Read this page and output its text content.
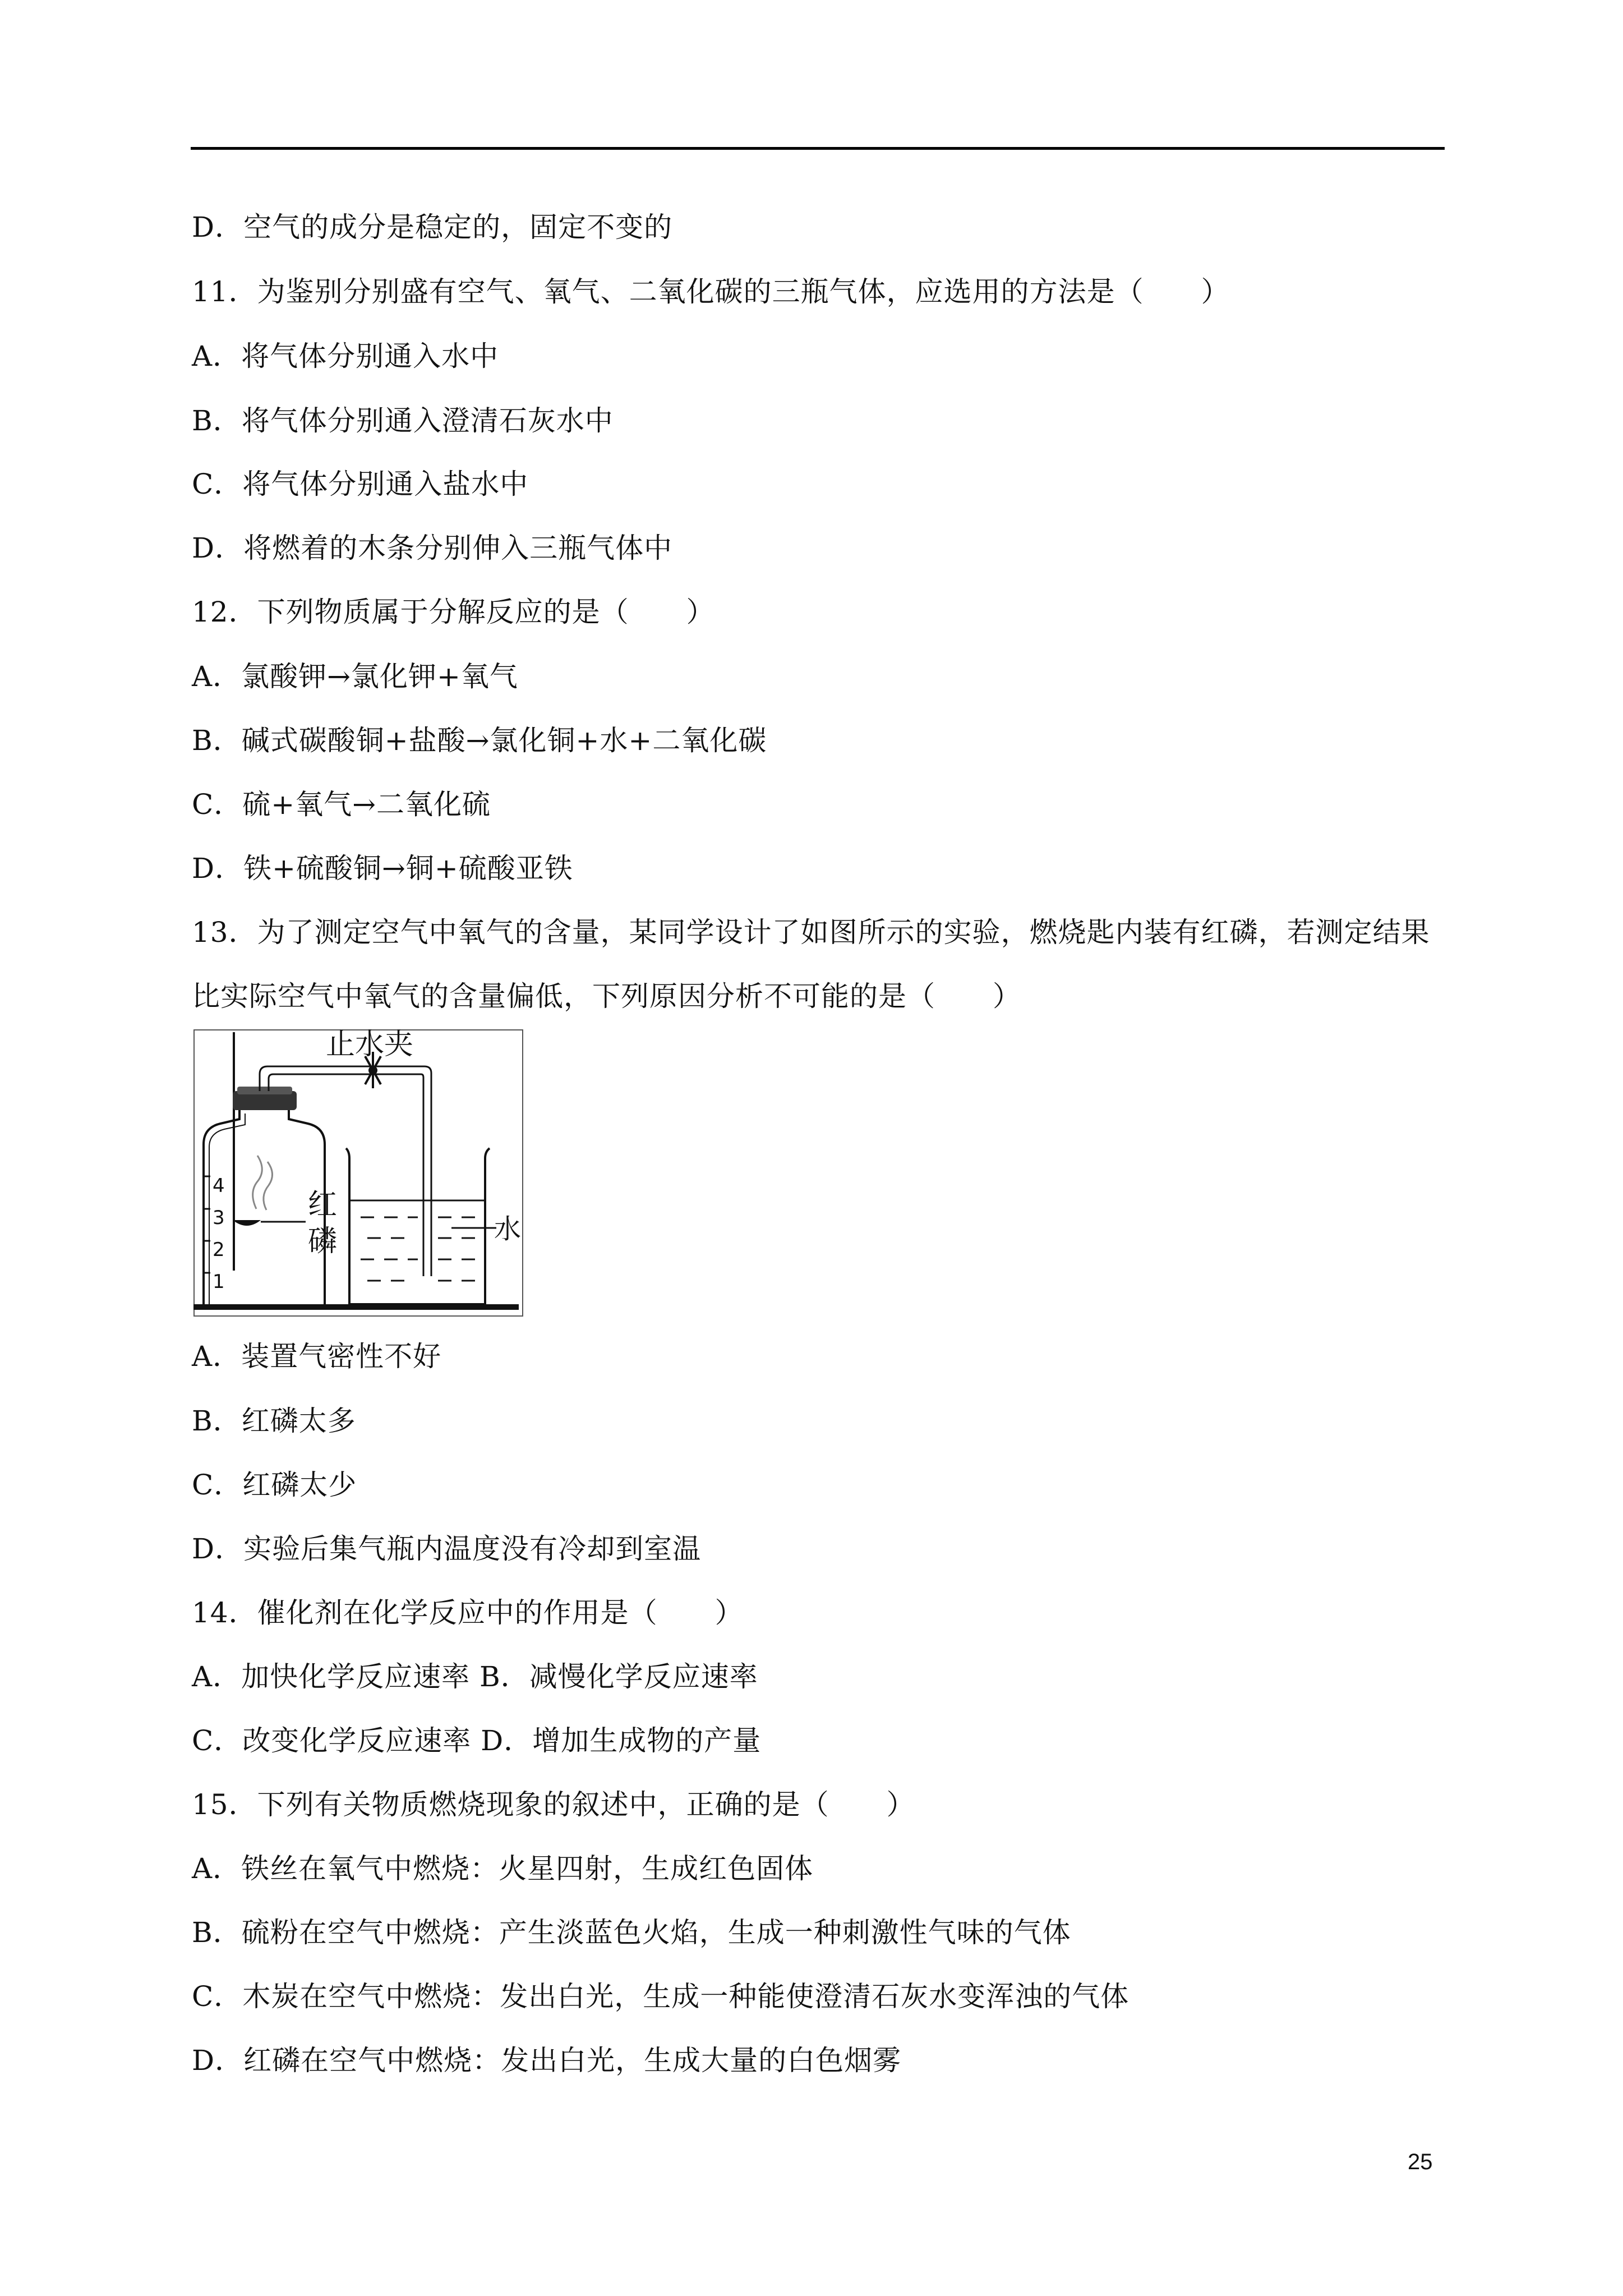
D．空气的成分是稳定的，固定不变的
11．为鉴别分别盛有空气、氧气、二氧化碳的三瓶气体，应选用的方法是（　　）
A．将气体分别通入水中
B．将气体分别通入澄清石灰水中
C．将气体分别通入盐水中
D．将燃着的木条分别伸入三瓶气体中
12．下列物质属于分解反应的是（　　）
A．氯酸钾→氯化钾+氧气
B．碱式碳酸铜+盐酸→氯化铜+水+二氧化碳
C．硫+氧气→二氧化硫
D．铁+硫酸铜→铜+硫酸亚铁
13．为了测定空气中氧气的含量，某同学设计了如图所示的实验，燃烧匙内装有红磷，若测定结果
比实际空气中氧气的含量偏低，下列原因分析不可能的是（　　）
4
3
2
1
红
磷
止水夹
水
A．装置气密性不好
B．红磷太多
C．红磷太少
D．实验后集气瓶内温度没有冷却到室温
14．催化剂在化学反应中的作用是（　　）
A．加快化学反应速率 B．减慢化学反应速率
C．改变化学反应速率 D．增加生成物的产量
15．下列有关物质燃烧现象的叙述中，正确的是（　　）
A．铁丝在氧气中燃烧：火星四射，生成红色固体
B．硫粉在空气中燃烧：产生淡蓝色火焰，生成一种刺激性气味的气体
C．木炭在空气中燃烧：发出白光，生成一种能使澄清石灰水变浑浊的气体
D．红磷在空气中燃烧：发出白光，生成大量的白色烟雾
25
